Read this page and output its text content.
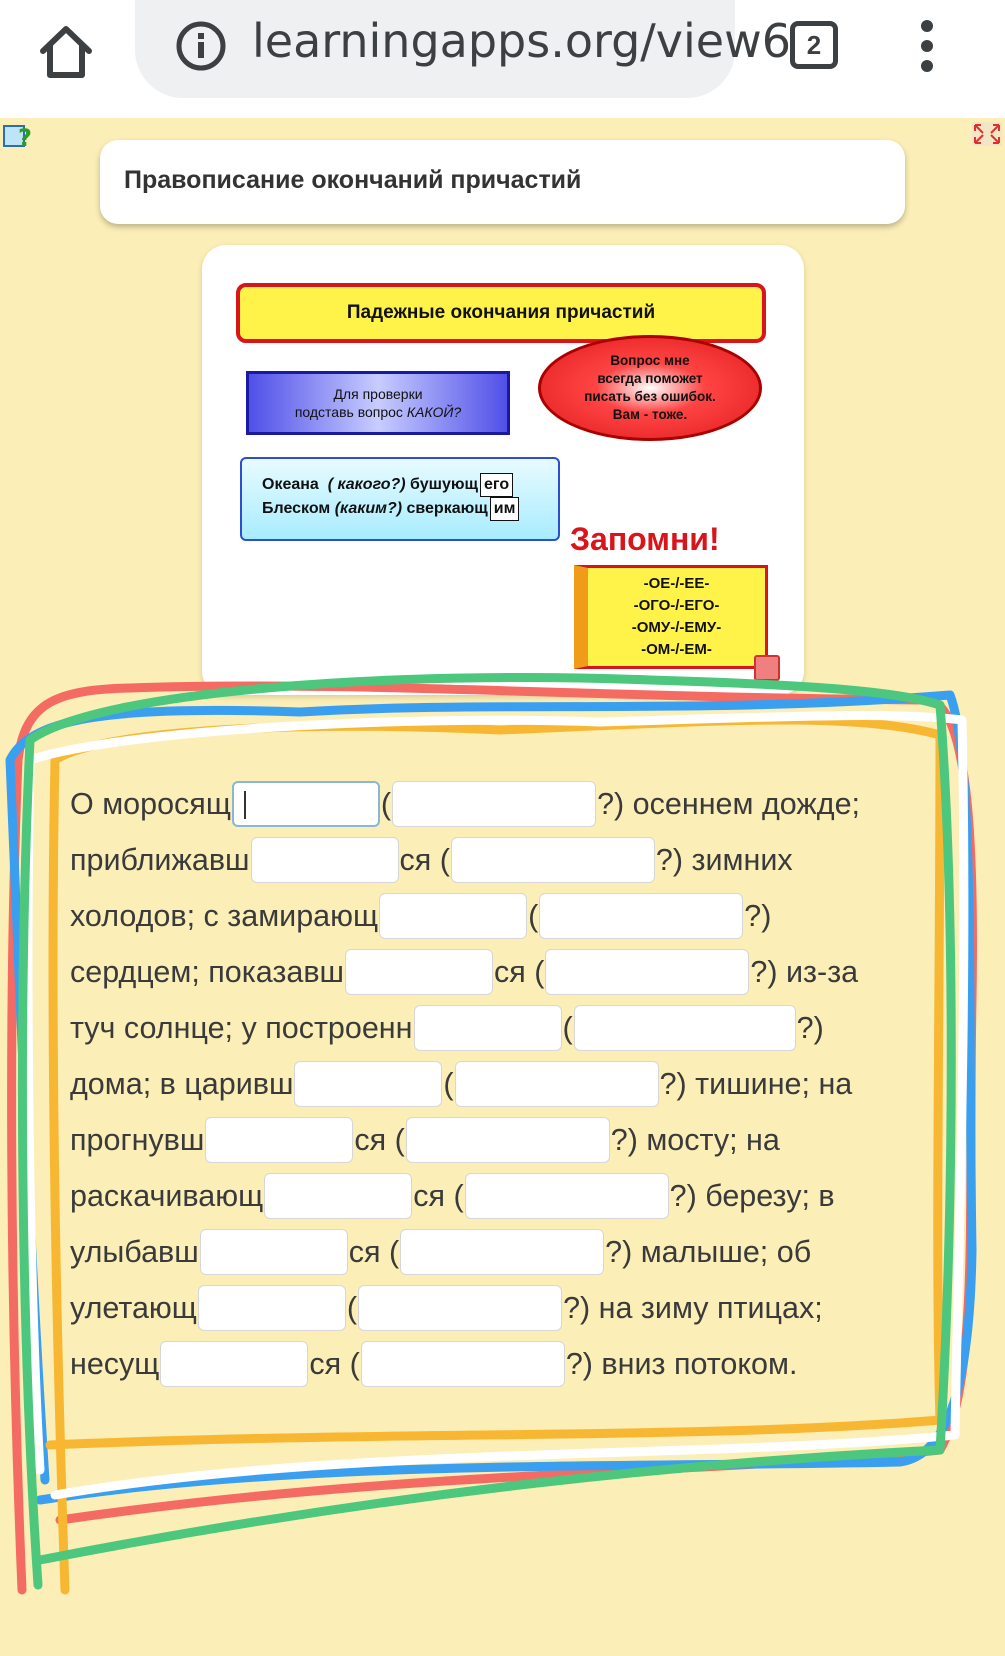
learningapps.org/view6 2
?
Правописание окончаний причастий
Падежные окончания причастий
Для проверки
подставь вопрос КАКОЙ?
Вопрос мне
всегда поможет
писать без ошибок.
Вам - тоже.
Океана
( какого?)
бушующ его
Блеском
(каким?)
сверкающ им
Запомни!
-ОЕ-/-ЕЕ-
-ОГО-/-ЕГО-
-ОМУ-/-ЕМУ-
-ОМ-/-ЕМ-
О моросящ	(	?) осеннем дожде;
приближавш	ся (	?) зимних
холодов; с замирающ	(	?)
сердцем; показавш	ся (	?) из-за
туч солнце; у построенн	(	?)
дома; в царивш	(	?) тишине; на
прогнувш	ся (	?) мосту; на
раскачивающ	ся (	?) березу; в
улыбавш	ся (	?) малыше; об
улетающ	(	?) на зиму птицах;
несущ	ся (	?) вниз потоком.
